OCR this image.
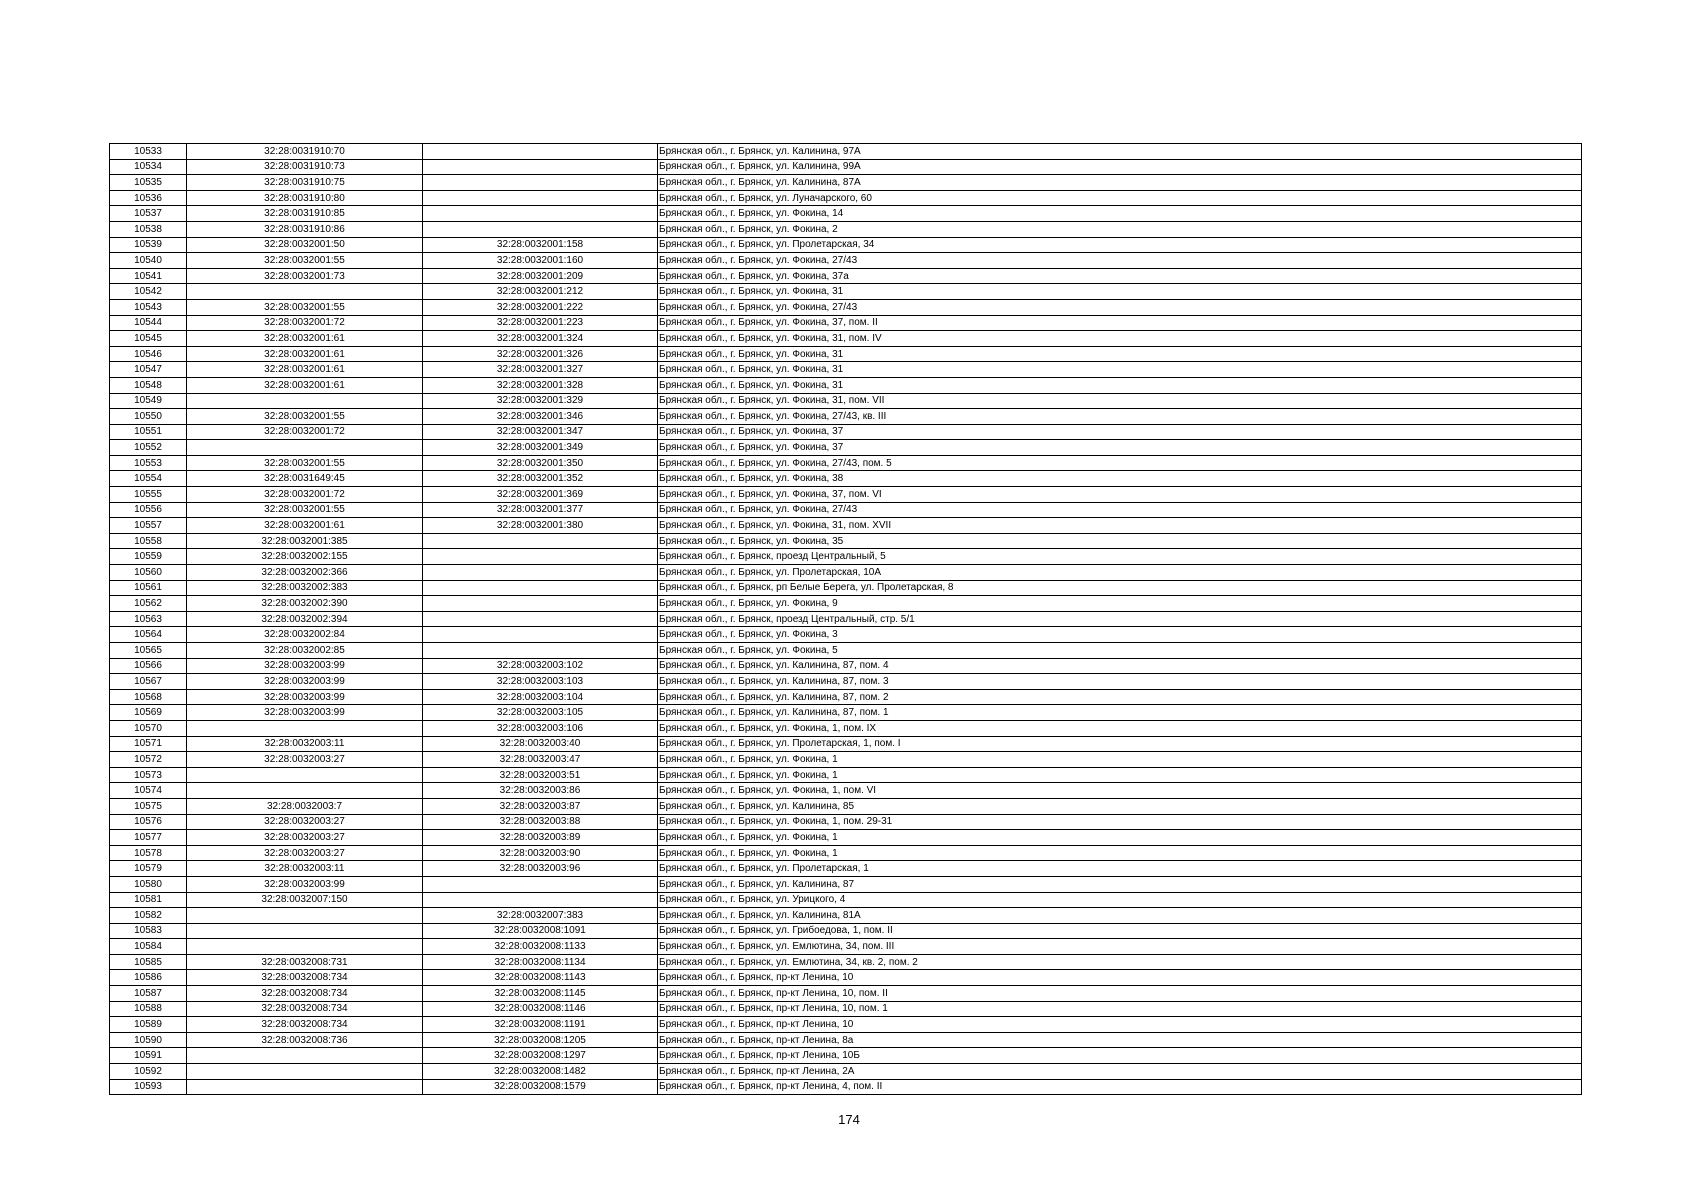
10533	32:28:0031910:70		Брянская обл., г. Брянск, ул. Калинина, 97А
10534	32:28:0031910:73		Брянская обл., г. Брянск, ул. Калинина, 99А
10535	32:28:0031910:75		Брянская обл., г. Брянск, ул. Калинина, 87А
10536	32:28:0031910:80		Брянская обл., г. Брянск, ул. Луначарского, 60
10537	32:28:0031910:85		Брянская обл., г. Брянск, ул. Фокина, 14
10538	32:28:0031910:86		Брянская обл., г. Брянск, ул. Фокина, 2
10539	32:28:0032001:50	32:28:0032001:158	Брянская обл., г. Брянск, ул. Пролетарская, 34
10540	32:28:0032001:55	32:28:0032001:160	Брянская обл., г. Брянск, ул. Фокина, 27/43
10541	32:28:0032001:73	32:28:0032001:209	Брянская обл., г. Брянск, ул. Фокина, 37а
10542		32:28:0032001:212	Брянская обл., г. Брянск, ул. Фокина, 31
10543	32:28:0032001:55	32:28:0032001:222	Брянская обл., г. Брянск, ул. Фокина, 27/43
10544	32:28:0032001:72	32:28:0032001:223	Брянская обл., г. Брянск, ул. Фокина, 37, пом. II
10545	32:28:0032001:61	32:28:0032001:324	Брянская обл., г. Брянск, ул. Фокина, 31, пом. IV
10546	32:28:0032001:61	32:28:0032001:326	Брянская обл., г. Брянск, ул. Фокина, 31
10547	32:28:0032001:61	32:28:0032001:327	Брянская обл., г. Брянск, ул. Фокина, 31
10548	32:28:0032001:61	32:28:0032001:328	Брянская обл., г. Брянск, ул. Фокина, 31
10549		32:28:0032001:329	Брянская обл., г. Брянск, ул. Фокина, 31, пом. VII
10550	32:28:0032001:55	32:28:0032001:346	Брянская обл., г. Брянск, ул. Фокина, 27/43, кв. III
10551	32:28:0032001:72	32:28:0032001:347	Брянская обл., г. Брянск, ул. Фокина, 37
10552		32:28:0032001:349	Брянская обл., г. Брянск, ул. Фокина, 37
10553	32:28:0032001:55	32:28:0032001:350	Брянская обл., г. Брянск, ул. Фокина, 27/43, пом. 5
10554	32:28:0031649:45	32:28:0032001:352	Брянская обл., г. Брянск, ул. Фокина, 38
10555	32:28:0032001:72	32:28:0032001:369	Брянская обл., г. Брянск, ул. Фокина, 37, пом. VI
10556	32:28:0032001:55	32:28:0032001:377	Брянская обл., г. Брянск, ул. Фокина, 27/43
10557	32:28:0032001:61	32:28:0032001:380	Брянская обл., г. Брянск, ул. Фокина, 31, пом. XVII
10558	32:28:0032001:385		Брянская обл., г. Брянск, ул. Фокина, 35
10559	32:28:0032002:155		Брянская обл., г. Брянск, проезд Центральный, 5
10560	32:28:0032002:366		Брянская обл., г. Брянск, ул. Пролетарская, 10А
10561	32:28:0032002:383		Брянская обл., г. Брянск, рп Белые Берега, ул. Пролетарская, 8
10562	32:28:0032002:390		Брянская обл., г. Брянск, ул. Фокина, 9
10563	32:28:0032002:394		Брянская обл., г. Брянск, проезд Центральный, стр. 5/1
10564	32:28:0032002:84		Брянская обл., г. Брянск, ул. Фокина, 3
10565	32:28:0032002:85		Брянская обл., г. Брянск, ул. Фокина, 5
10566	32:28:0032003:99	32:28:0032003:102	Брянская обл., г. Брянск, ул. Калинина, 87, пом. 4
10567	32:28:0032003:99	32:28:0032003:103	Брянская обл., г. Брянск, ул. Калинина, 87, пом. 3
10568	32:28:0032003:99	32:28:0032003:104	Брянская обл., г. Брянск, ул. Калинина, 87, пом. 2
10569	32:28:0032003:99	32:28:0032003:105	Брянская обл., г. Брянск, ул. Калинина, 87, пом. 1
10570		32:28:0032003:106	Брянская обл., г. Брянск, ул. Фокина, 1, пом. IX
10571	32:28:0032003:11	32:28:0032003:40	Брянская обл., г. Брянск, ул. Пролетарская, 1, пом. I
10572	32:28:0032003:27	32:28:0032003:47	Брянская обл., г. Брянск, ул. Фокина, 1
10573		32:28:0032003:51	Брянская обл., г. Брянск, ул. Фокина, 1
10574		32:28:0032003:86	Брянская обл., г. Брянск, ул. Фокина, 1, пом. VI
10575	32:28:0032003:7	32:28:0032003:87	Брянская обл., г. Брянск, ул. Калинина, 85
10576	32:28:0032003:27	32:28:0032003:88	Брянская обл., г. Брянск, ул. Фокина, 1, пом. 29-31
10577	32:28:0032003:27	32:28:0032003:89	Брянская обл., г. Брянск, ул. Фокина, 1
10578	32:28:0032003:27	32:28:0032003:90	Брянская обл., г. Брянск, ул. Фокина, 1
10579	32:28:0032003:11	32:28:0032003:96	Брянская обл., г. Брянск, ул. Пролетарская, 1
10580	32:28:0032003:99		Брянская обл., г. Брянск, ул. Калинина, 87
10581	32:28:0032007:150		Брянская обл., г. Брянск, ул. Урицкого, 4
10582		32:28:0032007:383	Брянская обл., г. Брянск, ул. Калинина, 81А
10583		32:28:0032008:1091	Брянская обл., г. Брянск, ул. Грибоедова, 1, пом. II
10584		32:28:0032008:1133	Брянская обл., г. Брянск, ул. Емлютина, 34, пом. III
10585	32:28:0032008:731	32:28:0032008:1134	Брянская обл., г. Брянск, ул. Емлютина, 34, кв. 2, пом. 2
10586	32:28:0032008:734	32:28:0032008:1143	Брянская обл., г. Брянск, пр-кт Ленина, 10
10587	32:28:0032008:734	32:28:0032008:1145	Брянская обл., г. Брянск, пр-кт Ленина, 10, пом. II
10588	32:28:0032008:734	32:28:0032008:1146	Брянская обл., г. Брянск, пр-кт Ленина, 10, пом. 1
10589	32:28:0032008:734	32:28:0032008:1191	Брянская обл., г. Брянск, пр-кт Ленина, 10
10590	32:28:0032008:736	32:28:0032008:1205	Брянская обл., г. Брянск, пр-кт Ленина, 8а
10591		32:28:0032008:1297	Брянская обл., г. Брянск, пр-кт Ленина, 10Б
10592		32:28:0032008:1482	Брянская обл., г. Брянск, пр-кт Ленина, 2А
10593		32:28:0032008:1579	Брянская обл., г. Брянск, пр-кт Ленина, 4, пом. II
174
